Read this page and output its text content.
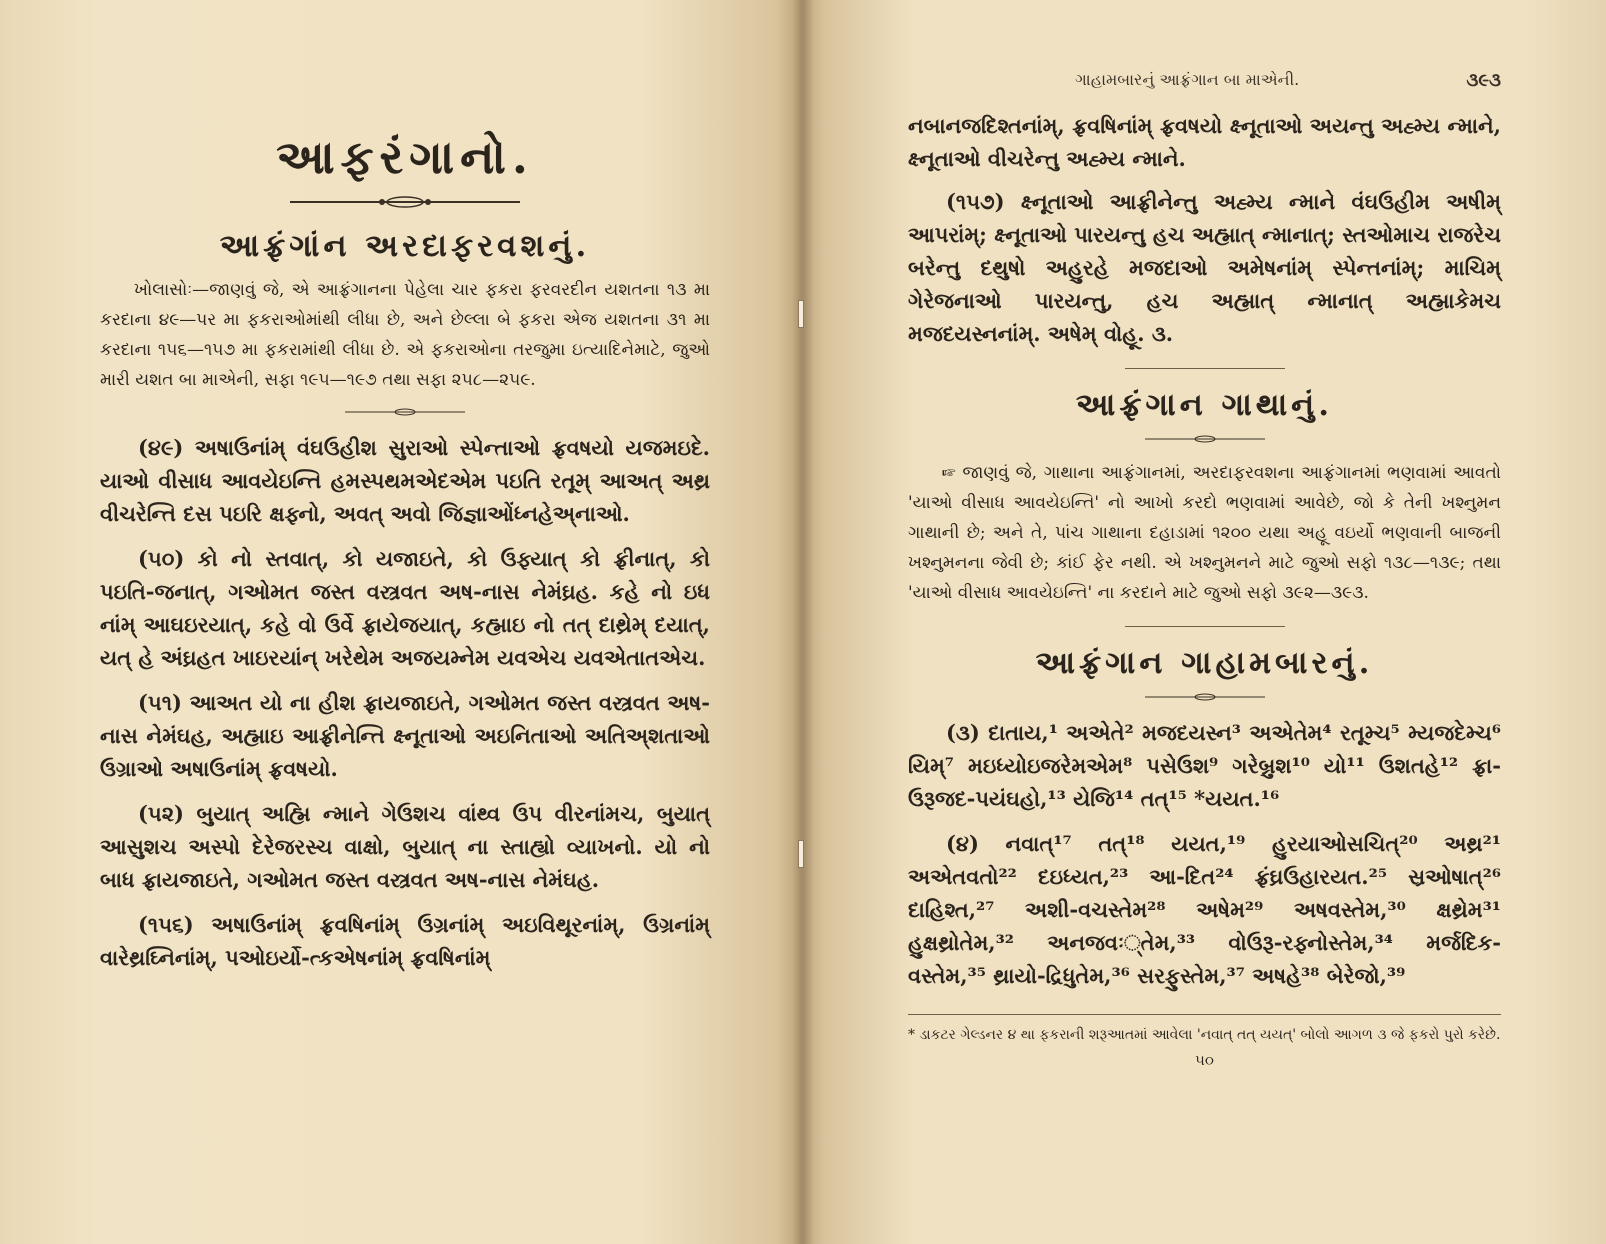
આફરંગાનો.
આફ્રંગાંન અરદાફરવશનું.

ખોલાસોઃ—જાણવું જે, એ આફ્રંગાનના પેહેલા ચાર ફકરા ફરવરદીન યશતના ૧૩ મા કરદાના ૪૯—પર મા ફકરાઓમાંથી લીધા છે, અને છેલ્લા બે ફકરા એજ યશતના ૩૧ મા કરદાના ૧૫૬—૧૫૭ મા ફકરામાંથી લીધા છે. એ ફકરાઓના તરજુમા ઇત્યાદિનેમાટે, જુઓ મારી યશત બા માએની, સફા ૧૯૫—૧૯૭ તથા સફા ૨૫૮—૨૫૯.

(૪૯) અષાઉનાંમ્ વંઘઉહીશ સુરાઓ સ્પેન્તાઓ ફ્રવષયો યજમઇદે. યાઓ વીસાધ આવયેઇન્તિ હમસ્પથમએદએમ પઇતિ રતૂમ્ આઅત્ અથ્ર વીચરેન્તિ દસ પઇરિ ક્ષફ્નો, અવત્ અવો જિજ્ઞાઓંધ્નહેઅ્નાઓ.

(૫૦) કો નો સ્તવાત્, કો યજાઇતે, કો ઉફ્યાત્ કો ફ્રીનાત્, કો પઇતિ-જનાત્, ગઓમત જસ્ત વસ્ત્રવત અષ-નાસ નેમંઘ્રહ. કહે નો ઇધ નાંમ્ આઘઇરયાત્, કહે વો ઉર્વે ફ્રાયેજયાત્, કહ્માઇ નો તત્ દાથ્રેમ્ દયાત્, યત્ હે અંઘ્રહત ખાઇરયાંન્ ખરેથેમ અજયમ્નેમ યવએચ યવએતાતએચ.

(૫૧) આઅત યો ના હીશ ફ્રાયજાઇતે, ગઓમત જસ્ત વસ્ત્રવત અષ-નાસ નેમંઘહ, અહ્માઇ આફ્રીનેન્તિ ક્ષ્નૂતાઓ અઇનિતાઓ અતિઅ્શતાઓ ઉગ્રાઓ અષાઉનાંમ્ ફ્રવષયો.

(૫૨) બુયાત્ અહ્મિ ન્માને ગેઉશચ વાંથ્વ ઉપ વીરનાંમચ, બુયાત્ આસુશચ અસ્પો દેરેજરસ્ચ વાક્ષો, બુયાત્ ના સ્તાહ્યો વ્યાખનો. યો નો બાધ ફ્રાયજાઇતે, ગઓમત જસ્ત વસ્ત્રવત અષ-નાસ નેમંઘહ.

(૧૫૬) અષાઉનાંમ્ ફ્રવષિનાંમ્ ઉગ્રનાંમ્ અઇવિથૂરનાંમ્, ઉગ્રનાંમ્ વારેથ્રઘ્નિનાંમ્, પઓઇર્યો-ત્કએષનાંમ્ ફ્રવષિનાંમ્

ગાહામબારનું આફ્રંગાન બા માએની.	૩૯૩

નબાનજદિશ્તનાંમ્, ફ્રવષિનાંમ્ ફ્રવષયો ક્ષ્નૂતાઓ અયન્તુ અહ્મ્ય ન્માને, ક્ષ્નૂતાઓ વીચરેન્તુ અહ્મ્ય ન્માને.

(૧૫૭) ક્ષ્નૂતાઓ આફ્રીનેન્તુ અહ્મ્ય ન્માને વંઘઉહીમ અષીમ્ આપરાંમ્; ક્ષ્નૂતાઓ પારયન્તુ હચ અહ્માત્ ન્માનાત્; સ્તઓમાચ રાજરેચ બરેન્તુ દથુષો અહુરહે મજદાઓ અમેષનાંમ્ સ્પેન્તનાંમ્; માચિમ્ ગેરેજનાઓ પારયન્તુ, હચ અહ્માત્ ન્માનાત્ અહ્માકેમચ મજદયસ્નનાંમ્. અષેમ્ વોહૂ. ૩.

આફ્રંગાન ગાથાનું.

☞ જાણવું જે, ગાથાના આફ્રંગાનમાં, અરદાફરવશના આફ્રંગાનમાં ભણવામાં આવતો 'યાઓ વીસાધ આવયેઇન્તિ' નો આખો કરદો ભણવામાં આવેછે, જો કે તેની ખશ્નુમન ગાથાની છે; અને તે, પાંચ ગાથાના દહાડામાં ૧૨૦૦ યથા અહૂ વઇર્યો ભણવાની બાજની ખશ્નુમનના જેવી છે; કાંઈ ફેર નથી. એ ખશ્નુમનને માટે જુઓ સફો ૧૩૮—૧૩૯; તથા 'યાઓ વીસાધ આવયેઇન્તિ' ના કરદાને માટે જુઓ સફો ૩૯૨—૩૯૩.

આફ્રંગાન ગાહામબારનું.

(૩) દાતાય,¹ અએતે² મજદયસ્ન³ અએતેમ⁴ રતૂમ્ચ⁵ મ્યજદેમ્ચ⁶ યિમ્⁷ મઇધ્યોઇજરેમએમ⁸ પસેઉશ⁹ ગરેબ્રુશ¹⁰ યો¹¹ ઉશતહે¹² ફ્રા-ઉરૂજદ-પયંઘહો,¹³ યેજિ¹⁴ તત્¹⁵ *યયત.¹⁶

(૪) નવાત્¹⁷ તત્¹⁸ યયત,¹⁹ હુરયાઓસચિત્²⁰ અથ્ર²¹ અએતવતો²² દઇધ્યત,²³ આ-દિત²⁴ ફ્રંઘ્રઉહારયત.²⁵ સ્રઓષાત્²⁶ દાહિશ્ત,²⁷ અશી-વચસ્તેમ²⁸ અષેમ²⁹ અષવસ્તેમ,³⁰ ક્ષથ્રેમ³¹ હુક્ષથ્રોતેમ,³² અનજવઃ્તેમ,³³ વોઉરૂ-રફ્નોસ્તેમ,³⁴ મર્જદિક-વસ્તેમ,³⁵ થ્રાયો-દ્રિધુતેમ,³⁶ સરફુસ્તેમ,³⁷ અષહે³⁸ બેરેજો,³⁹

* ડાકટર ગેલ્ડનર ૪ થા ફકરાની શરૂઆતમાં આવેલા 'નવાત્ તત્ યયત્' બોલો આગળ ૩ જે ફકરો પુરો કરેછે.
૫૦
